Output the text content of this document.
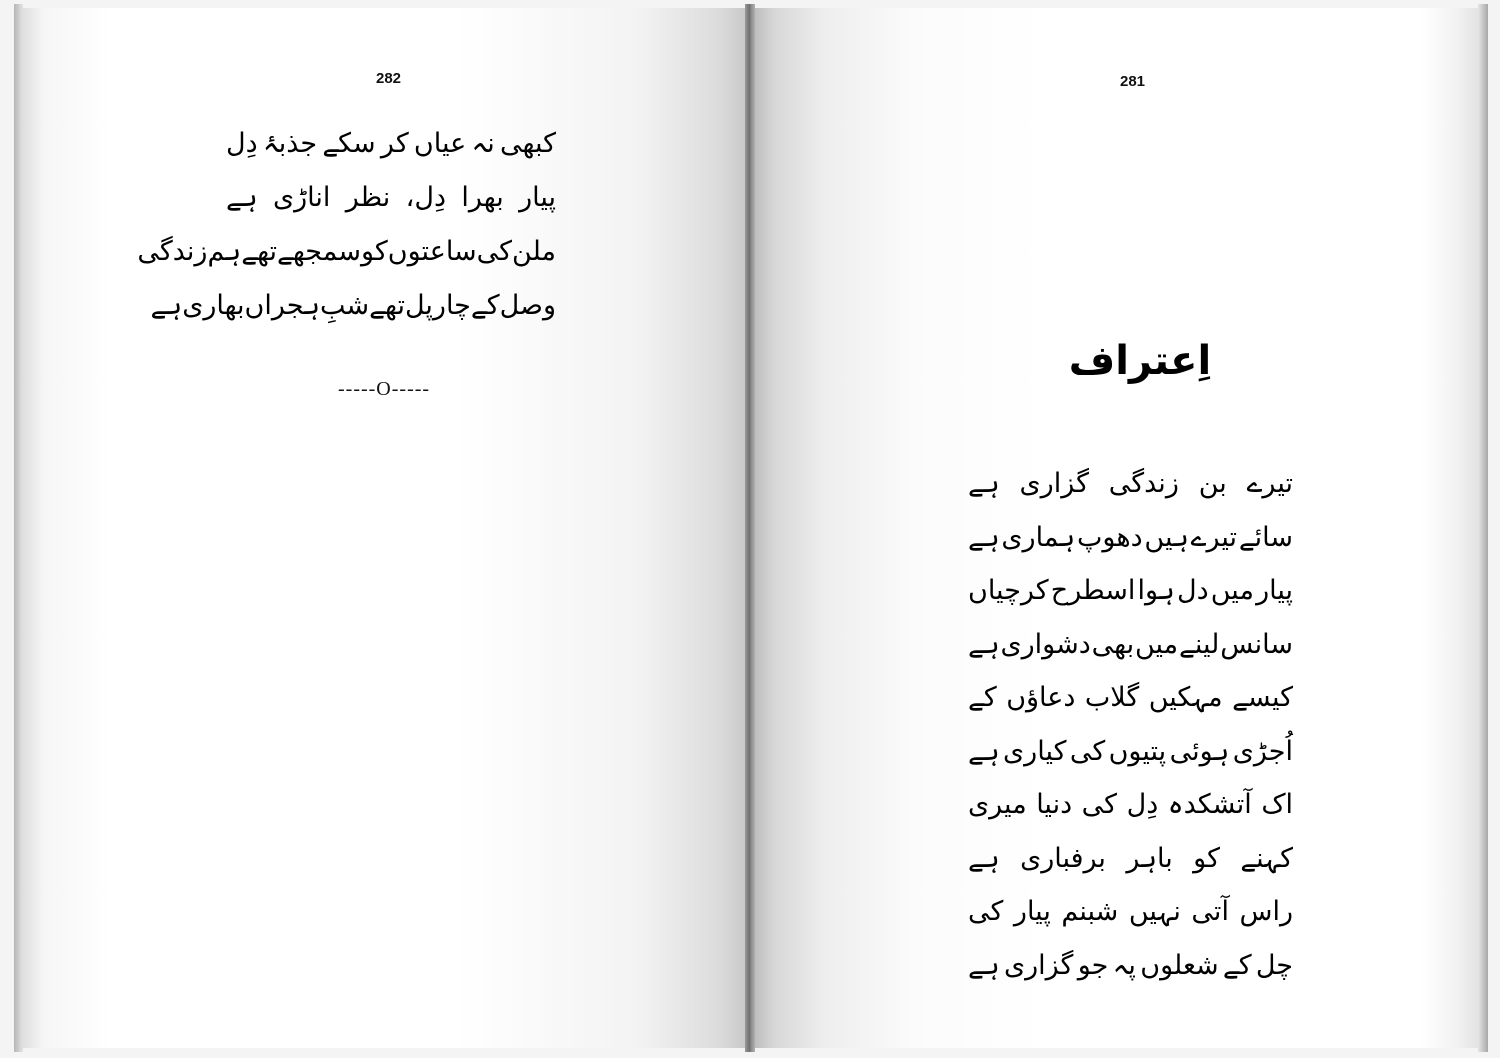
282
کبھی
نہ
عیاں
کر
سکے
جذبۂ
دِل
پیار
بھرا
دِل،
نظر
اناڑی
ہے
ملن
کی
ساعتوں
کو
سمجھے
تھے
ہم
زندگی
وصل
کے
چار
پل
تھے
شبِ
ہجراں
بھاری
ہے
-----O-----
281
اِعتراف
تیرے
بن
زندگی
گزاری
ہے
سائے
تیرے
ہیں
دھوپ
ہماری
ہے
پیار
میں
دل
ہوا
اسطرح
کرچیاں
سانس
لینے
میں
بھی
دشواری
ہے
کیسے
مہکیں
گلاب
دعاؤں
کے
اُجڑی
ہوئی
پتیوں
کی
کیاری
ہے
اک
آتشکدہ
دِل
کی
دنیا
میری
کہنے
کو
باہر
برفباری
ہے
راس
آتی
نہیں
شبنم
پیار
کی
چل
کے
شعلوں
پہ
جو
گزاری
ہے
